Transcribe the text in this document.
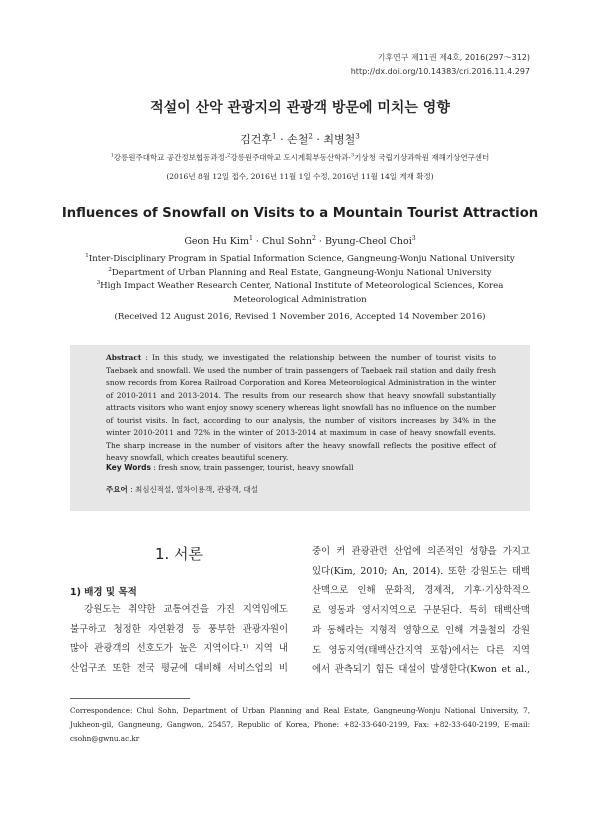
기후연구 제11권 제4호, 2016(297～312)
http://dx.doi.org/10.14383/cri.2016.11.4.297
적설이 산악 관광지의 관광객 방문에 미치는 영향
김건후$^1$ · 손철$^2$ · 최병철$^3$
$^1$강릉원주대학교 공간정보협동과정·$^2$강릉원주대학교 도시계획부동산학과·$^3$기상청 국립기상과학원 재해기상연구센터
(2016년 8월 12일 접수, 2016년 11월 1일 수정, 2016년 11월 14일 게재 확정)
Influences of Snowfall on Visits to a Mountain Tourist Attraction
Geon Hu Kim$^1$ · Chul Sohn$^2$ · Byung-Cheol Choi$^3$
$^1$Inter-Disciplinary Program in Spatial Information Science, Gangneung-Wonju National University
$^2$Department of Urban Planning and Real Estate, Gangneung-Wonju National University
$^3$High Impact Weather Research Center, National Institute of Meteorological Sciences, Korea Meteorological Administration
(Received 12 August 2016, Revised 1 November 2016, Accepted 14 November 2016)
Abstract : In this study, we investigated the relationship between the number of tourist visits to Taebaek and snowfall. We used the number of train passengers of Taebaek rail station and daily fresh snow records from Korea Railroad Corporation and Korea Meteorological Administration in the winter of 2010-2011 and 2013-2014. The results from our research show that heavy snowfall substantially attracts visitors who want enjoy snowy scenery whereas light snowfall has no influence on the number of tourist visits. In fact, according to our analysis, the number of visitors increases by 34% in the winter 2010-2011 and 72% in the winter of 2013-2014 at maximum in case of heavy snowfall events. The sharp increase in the number of visitors after the heavy snowfall reflects the positive effect of heavy snowfall, which creates beautiful scenery.
Key Words : fresh snow, train passenger, tourist, heavy snowfall
주요어 : 최심신적설, 열차이용객, 관광객, 대설
1. 서론
1) 배경 및 목적
　강원도는 취약한 교통여건을 가진 지역임에도
불구하고 청정한 자연환경 등 풍부한 관광자원이
많아 관광객의 선호도가 높은 지역이다.¹⁾ 지역 내
산업구조 또한 전국 평균에 대비해 서비스업의 비
중이 커 관광관련 산업에 의존적인 성향을 가지고
있다(Kim, 2010; An, 2014). 또한 강원도는 태백
산맥으로 인해 문화적, 경제적, 기후·기상학적으
로 영동과 영서지역으로 구분된다. 특히 태백산맥
과 동해라는 지형적 영향으로 인해 겨울철의 강원
도 영동지역(태백산간지역 포함)에서는 다른 지역
에서 관측되기 힘든 대설이 발생한다(Kwon et al.,
Correspondence: Chul Sohn, Department of Urban Planning and Real Estate, Gangneung-Wonju National University, 7, Jukheon-gil, Gangneung, Gangwon, 25457, Republic of Korea, Phone: +82-33-640-2199, Fax: +82-33-640-2199, E-mail: csohn@gwnu.ac.kr
